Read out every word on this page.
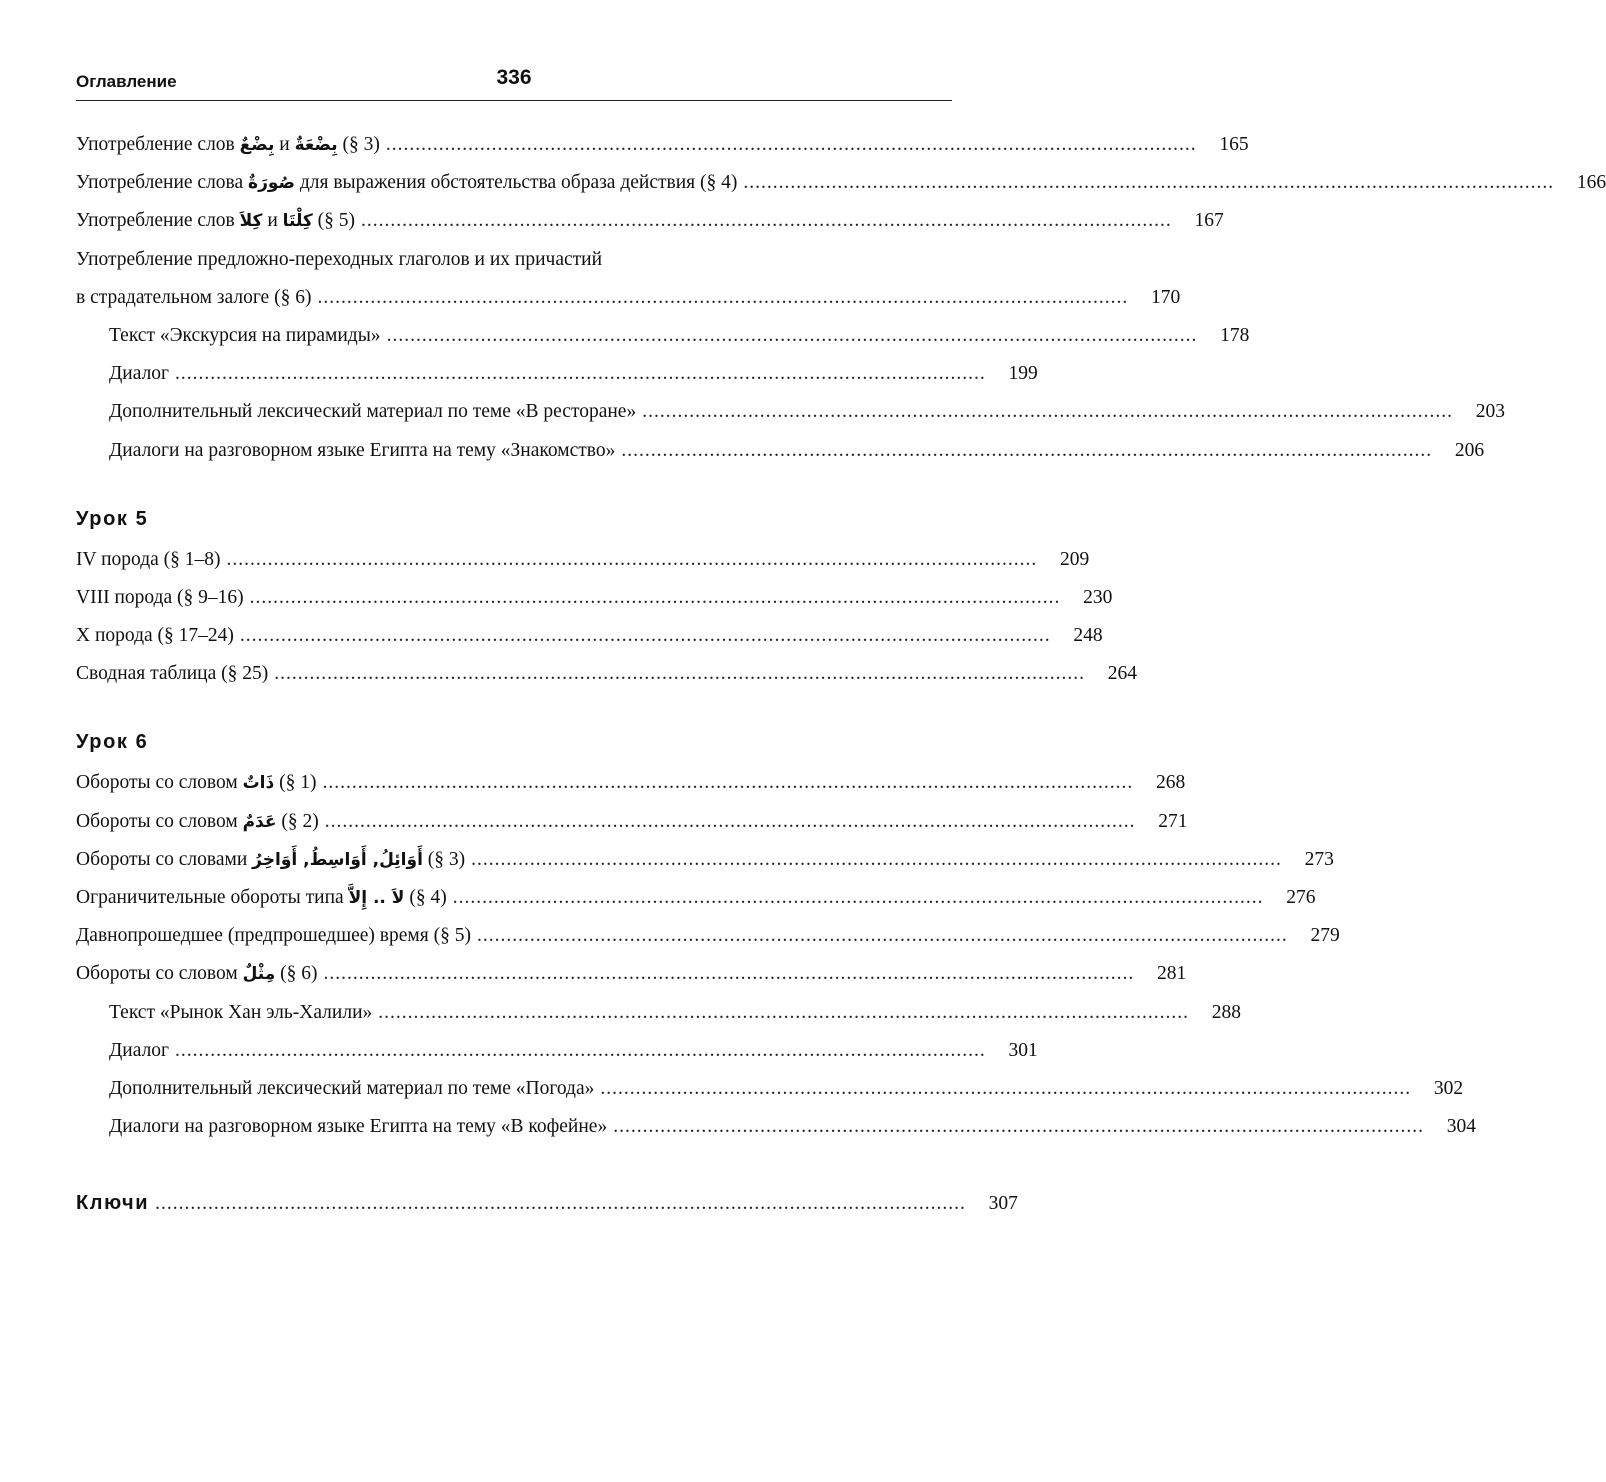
Оглавление	336
Употребление слов بِضْعٌ и بِضْعَةٌ (§ 3) ..........................................................................................................................................	165
Употребление слова صُورَةٌ для выражения обстоятельства образа действия (§ 4) ..........................................................................................................................................	166
Употребление слов كِلاَ и كِلْتَا (§ 5) ..........................................................................................................................................	167
Употребление предложно-переходных глаголов и их причастий
в страдательном залоге (§ 6) ..........................................................................................................................................	170
Текст «Экскурсия на пирамиды» ..........................................................................................................................................	178
Диалог ..........................................................................................................................................	199
Дополнительный лексический материал по теме «В ресторане» ..........................................................................................................................................	203
Диалоги на разговорном языке Египта на тему «Знакомство» ..........................................................................................................................................	206
Урок 5
IV порода (§ 1–8) ..........................................................................................................................................	209
VIII порода (§ 9–16) ..........................................................................................................................................	230
X порода (§ 17–24) ..........................................................................................................................................	248
Сводная таблица (§ 25) ..........................................................................................................................................	264
Урок 6
Обороты со словом ذَاتٌ (§ 1) ..........................................................................................................................................	268
Обороты со словом عَدَمٌ (§ 2) ..........................................................................................................................................	271
Обороты со словами أَوَائِلُ, أَوَاسِطُ, أَوَاخِرُ (§ 3) ..........................................................................................................................................	273
Ограничительные обороты типа لاَ .. إِلاَّ (§ 4) ..........................................................................................................................................	276
Давнопрошедшее (предпрошедшее) время (§ 5) ..........................................................................................................................................	279
Обороты со словом مِثْلٌ (§ 6) ..........................................................................................................................................	281
Текст «Рынок Хан эль-Халили» ..........................................................................................................................................	288
Диалог ..........................................................................................................................................	301
Дополнительный лексический материал по теме «Погода» ..........................................................................................................................................	302
Диалоги на разговорном языке Египта на тему «В кофейне» ..........................................................................................................................................	304
Ключи ..........................................................................................................................................	307
